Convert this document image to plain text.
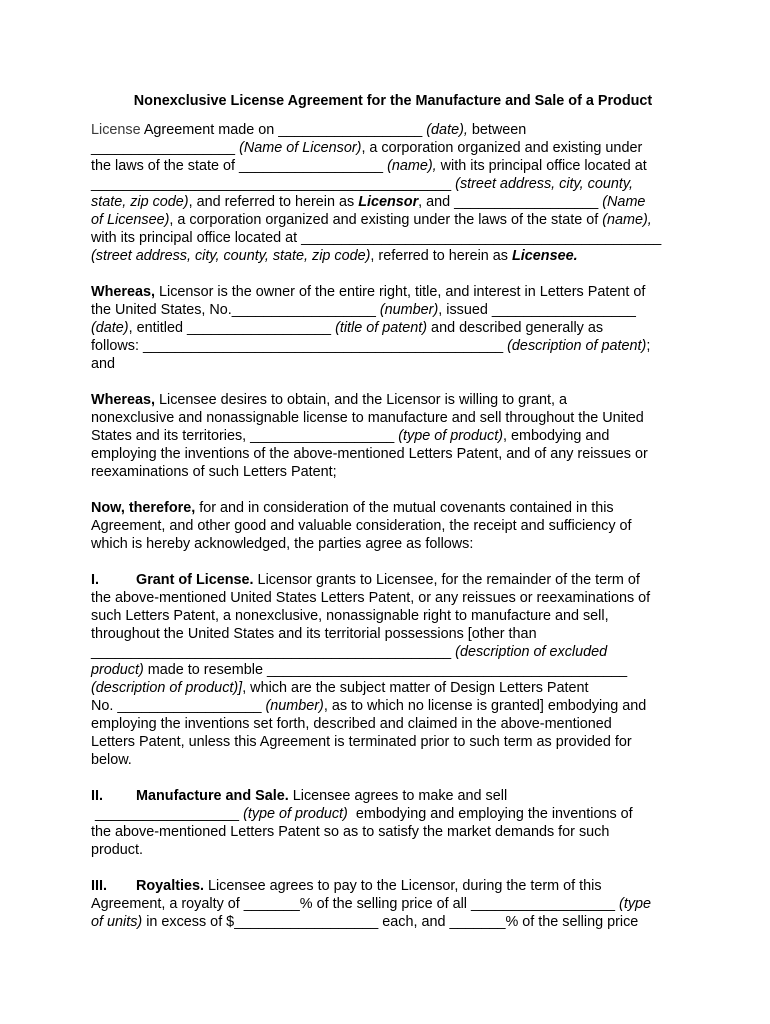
Nonexclusive License Agreement for the Manufacture and Sale of a Product
License Agreement made on __________________ (date), between
__________________ (Name of Licensor), a corporation organized and existing under
the laws of the state of __________________ (name), with its principal office located at
_____________________________________________ (street address, city, county,
state, zip code), and referred to herein as Licensor, and __________________ (Name
of Licensee), a corporation organized and existing under the laws of the state of (name),
with its principal office located at _____________________________________________
(street address, city, county, state, zip code), referred to herein as Licensee.
Whereas, Licensor is the owner of the entire right, title, and interest in Letters Patent of
the United States, No.__________________ (number), issued __________________
(date), entitled __________________ (title of patent) and described generally as
follows: _____________________________________________ (description of patent);
and
Whereas, Licensee desires to obtain, and the Licensor is willing to grant, a
nonexclusive and nonassignable license to manufacture and sell throughout the United
States and its territories, __________________ (type of product), embodying and
employing the inventions of the above-mentioned Letters Patent, and of any reissues or
reexaminations of such Letters Patent;
Now, therefore, for and in consideration of the mutual covenants contained in this
Agreement, and other good and valuable consideration, the receipt and sufficiency of
which is hereby acknowledged, the parties agree as follows:
I.	Grant of License. Licensor grants to Licensee, for the remainder of the term of
the above-mentioned United States Letters Patent, or any reissues or reexaminations of
such Letters Patent, a nonexclusive, nonassignable right to manufacture and sell,
throughout the United States and its territorial possessions [other than
_____________________________________________ (description of excluded
product) made to resemble _____________________________________________
(description of product)], which are the subject matter of Design Letters Patent
No. __________________ (number), as to which no license is granted] embodying and
employing the inventions set forth, described and claimed in the above-mentioned
Letters Patent, unless this Agreement is terminated prior to such term as provided for
below.
II. Manufacture and Sale. Licensee agrees to make and sell
__________________ (type of product)  embodying and employing the inventions of
the above-mentioned Letters Patent so as to satisfy the market demands for such
product.
III. Royalties. Licensee agrees to pay to the Licensor, during the term of this
Agreement, a royalty of _______% of the selling price of all __________________ (type
of units) in excess of $__________________ each, and _______% of the selling price
